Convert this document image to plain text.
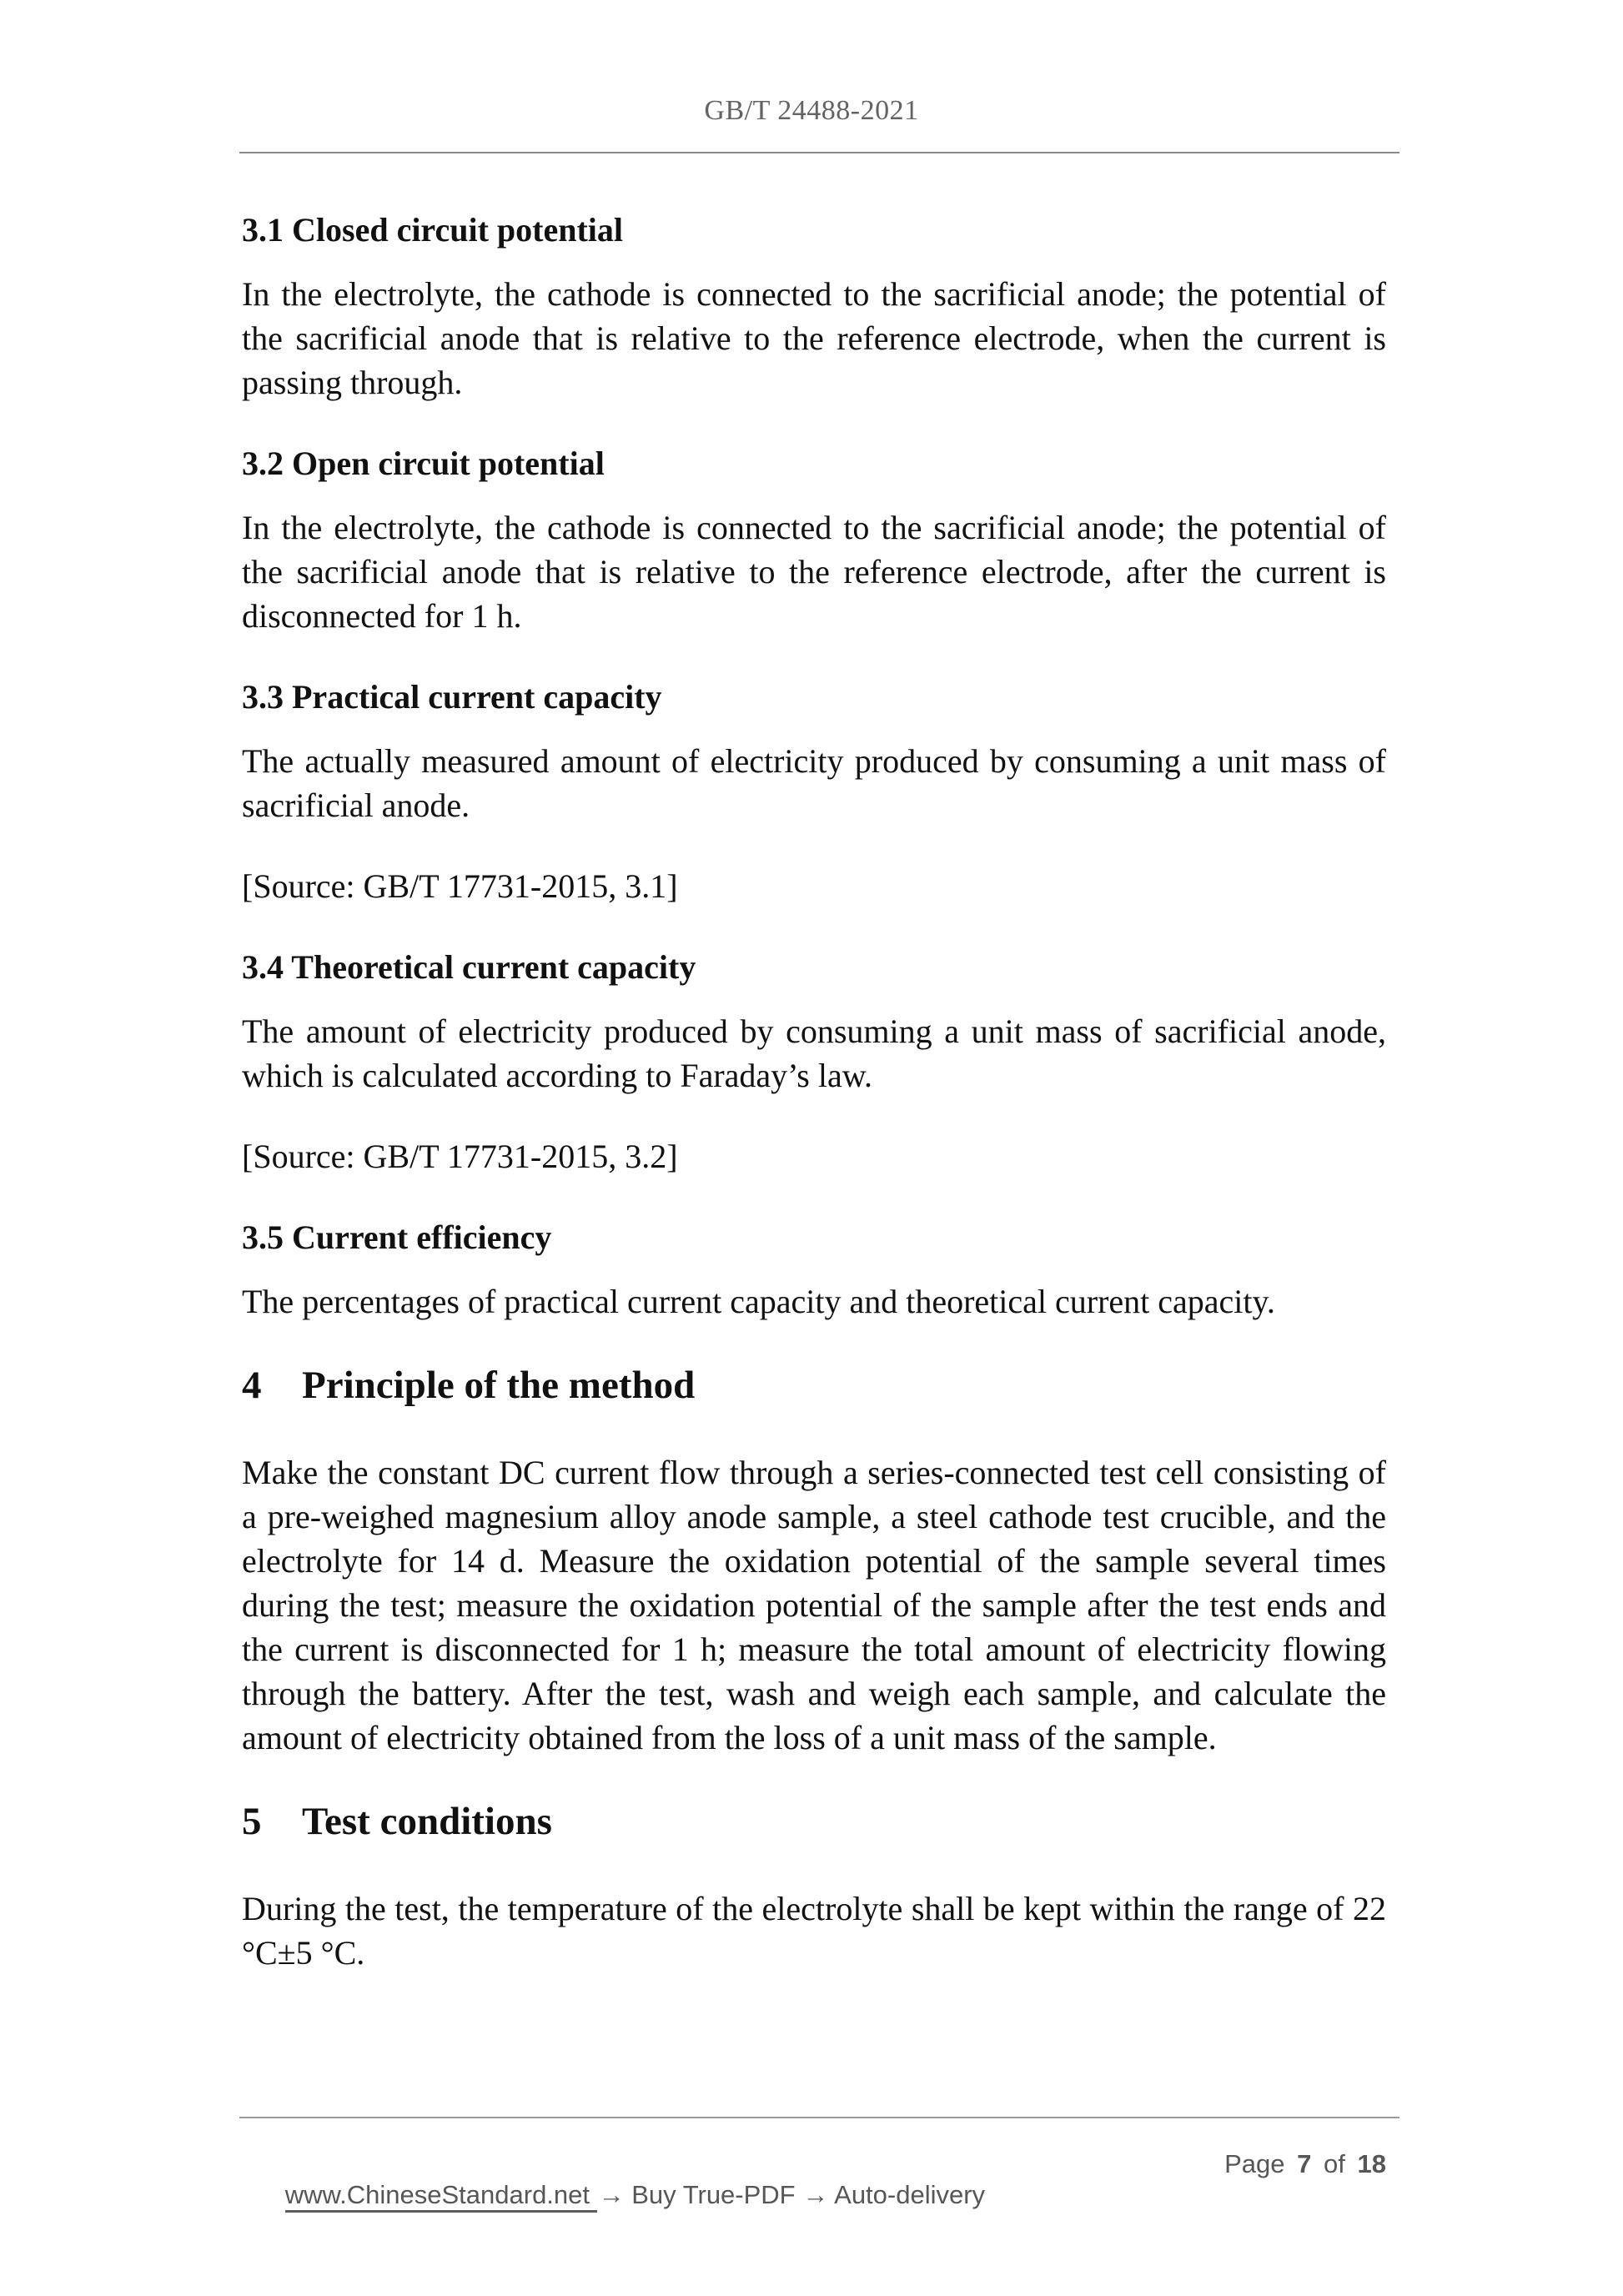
GB/T 24488-2021
3.1 Closed circuit potential
In the electrolyte, the cathode is connected to the sacrificial anode; the potential of the sacrificial anode that is relative to the reference electrode, when the current is passing through.
3.2 Open circuit potential
In the electrolyte, the cathode is connected to the sacrificial anode; the potential of the sacrificial anode that is relative to the reference electrode, after the current is disconnected for 1 h.
3.3 Practical current capacity
The actually measured amount of electricity produced by consuming a unit mass of sacrificial anode.
[Source: GB/T 17731-2015, 3.1]
3.4 Theoretical current capacity
The amount of electricity produced by consuming a unit mass of sacrificial anode, which is calculated according to Faraday’s law.
[Source: GB/T 17731-2015, 3.2]
3.5 Current efficiency
The percentages of practical current capacity and theoretical current capacity.
4 Principle of the method
Make the constant DC current flow through a series-connected test cell consisting of a pre-weighed magnesium alloy anode sample, a steel cathode test crucible, and the electrolyte for 14 d. Measure the oxidation potential of the sample several times during the test; measure the oxidation potential of the sample after the test ends and the current is disconnected for 1 h; measure the total amount of electricity flowing through the battery. After the test, wash and weigh each sample, and calculate the amount of electricity obtained from the loss of a unit mass of the sample.
5 Test conditions
During the test, the temperature of the electrolyte shall be kept within the range of 22 °C±5 °C.

www.ChineseStandard.net → Buy True-PDF → Auto-delivery

Page 7 of 18
